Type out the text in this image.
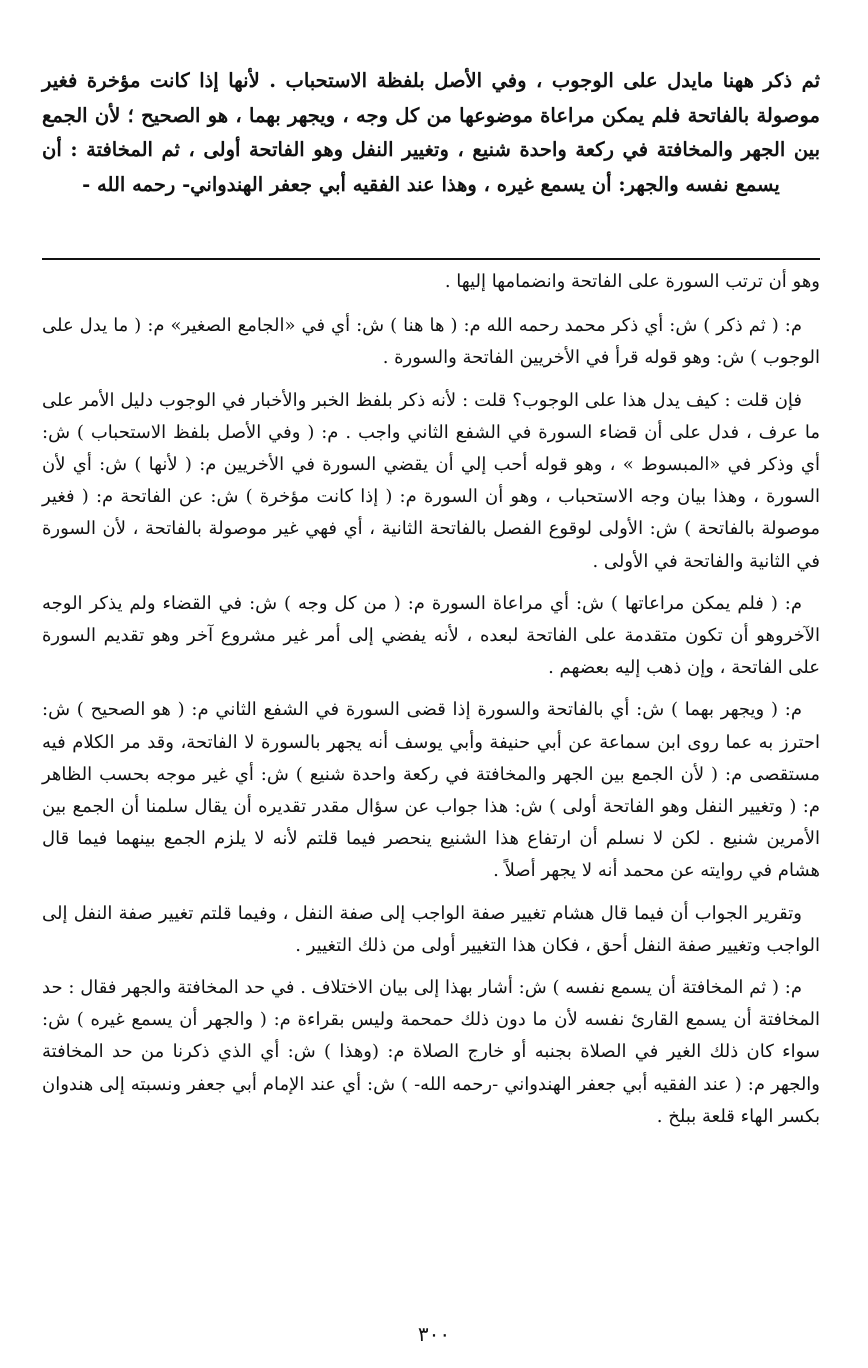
ثم ذكر ههنا مايدل على الوجوب ، وفي الأصل بلفظة الاستحباب . لأنها إذا كانت مؤخرة فغير موصولة بالفاتحة فلم يمكن مراعاة موضوعها من كل وجه ، ويجهر بهما ، هو الصحيح ؛ لأن الجمع بين الجهر والمخافتة في ركعة واحدة شنيع ، وتغيير النفل وهو الفاتحة أولى ، ثم المخافتة : أن يسمع نفسه والجهر: أن يسمع غيره ، وهذا عند الفقيه أبي جعفر الهندواني- رحمه الله -

وهو أن ترتب السورة على الفاتحة وانضمامها إليها .

م: ( ثم ذكر ) ش: أي ذكر محمد رحمه الله م: ( ها هنا ) ش: أي في «الجامع الصغير» م: ( ما يدل على الوجوب ) ش: وهو قوله قرأ في الأخريين الفاتحة والسورة .

فإن قلت : كيف يدل هذا على الوجوب؟ قلت : لأنه ذكر بلفظ الخبر والأخبار في الوجوب دليل الأمر على ما عرف ، فدل على أن قضاء السورة في الشفع الثاني واجب . م: ( وفي الأصل بلفظ الاستحباب ) ش: أي وذكر في «المبسوط » ، وهو قوله أحب إلي أن يقضي السورة في الأخريين م: ( لأنها ) ش: أي لأن السورة ، وهذا بيان وجه الاستحباب ، وهو أن السورة م: ( إذا كانت مؤخرة ) ش: عن الفاتحة م: ( فغير موصولة بالفاتحة ) ش: الأولى لوقوع الفصل بالفاتحة الثانية ، أي فهي غير موصولة بالفاتحة ، لأن السورة في الثانية والفاتحة في الأولى .

م: ( فلم يمكن مراعاتها ) ش: أي مراعاة السورة م: ( من كل وجه ) ش: في القضاء ولم يذكر الوجه الآخروهو أن تكون متقدمة على الفاتحة لبعده ، لأنه يفضي إلى أمر غير مشروع آخر وهو تقديم السورة على الفاتحة ، وإن ذهب إليه بعضهم .

م: ( ويجهر بهما ) ش: أي بالفاتحة والسورة إذا قضى السورة في الشفع الثاني م: ( هو الصحيح ) ش: احترز به عما روى ابن سماعة عن أبي حنيفة وأبي يوسف أنه يجهر بالسورة لا الفاتحة، وقد مر الكلام فيه مستقصى م: ( لأن الجمع بين الجهر والمخافتة في ركعة واحدة شنيع ) ش: أي غير موجه بحسب الظاهر م: ( وتغيير النفل وهو الفاتحة أولى ) ش: هذا جواب عن سؤال مقدر تقديره أن يقال سلمنا أن الجمع بين الأمرين شنيع . لكن لا نسلم أن ارتفاع هذا الشنيع ينحصر فيما قلتم لأنه لا يلزم الجمع بينهما فيما قال هشام في روايته عن محمد أنه لا يجهر أصلاً .

وتقرير الجواب أن فيما قال هشام تغيير صفة الواجب إلى صفة النفل ، وفيما قلتم تغيير صفة النفل إلى الواجب وتغيير صفة النفل أحق ، فكان هذا التغيير أولى من ذلك التغيير .

م: ( ثم المخافتة أن يسمع نفسه ) ش: أشار بهذا إلى بيان الاختلاف . في حد المخافتة والجهر فقال : حد المخافتة أن يسمع القارئ نفسه لأن ما دون ذلك حمحمة وليس بقراءة م: ( والجهر أن يسمع غيره ) ش: سواء كان ذلك الغير في الصلاة بجنبه أو خارج الصلاة م: (وهذا ) ش: أي الذي ذكرنا من حد المخافتة والجهر م: ( عند الفقيه أبي جعفر الهندواني -رحمه الله- ) ش: أي عند الإمام أبي جعفر ونسبته إلى هندوان بكسر الهاء قلعة ببلخ .

٣٠٠
